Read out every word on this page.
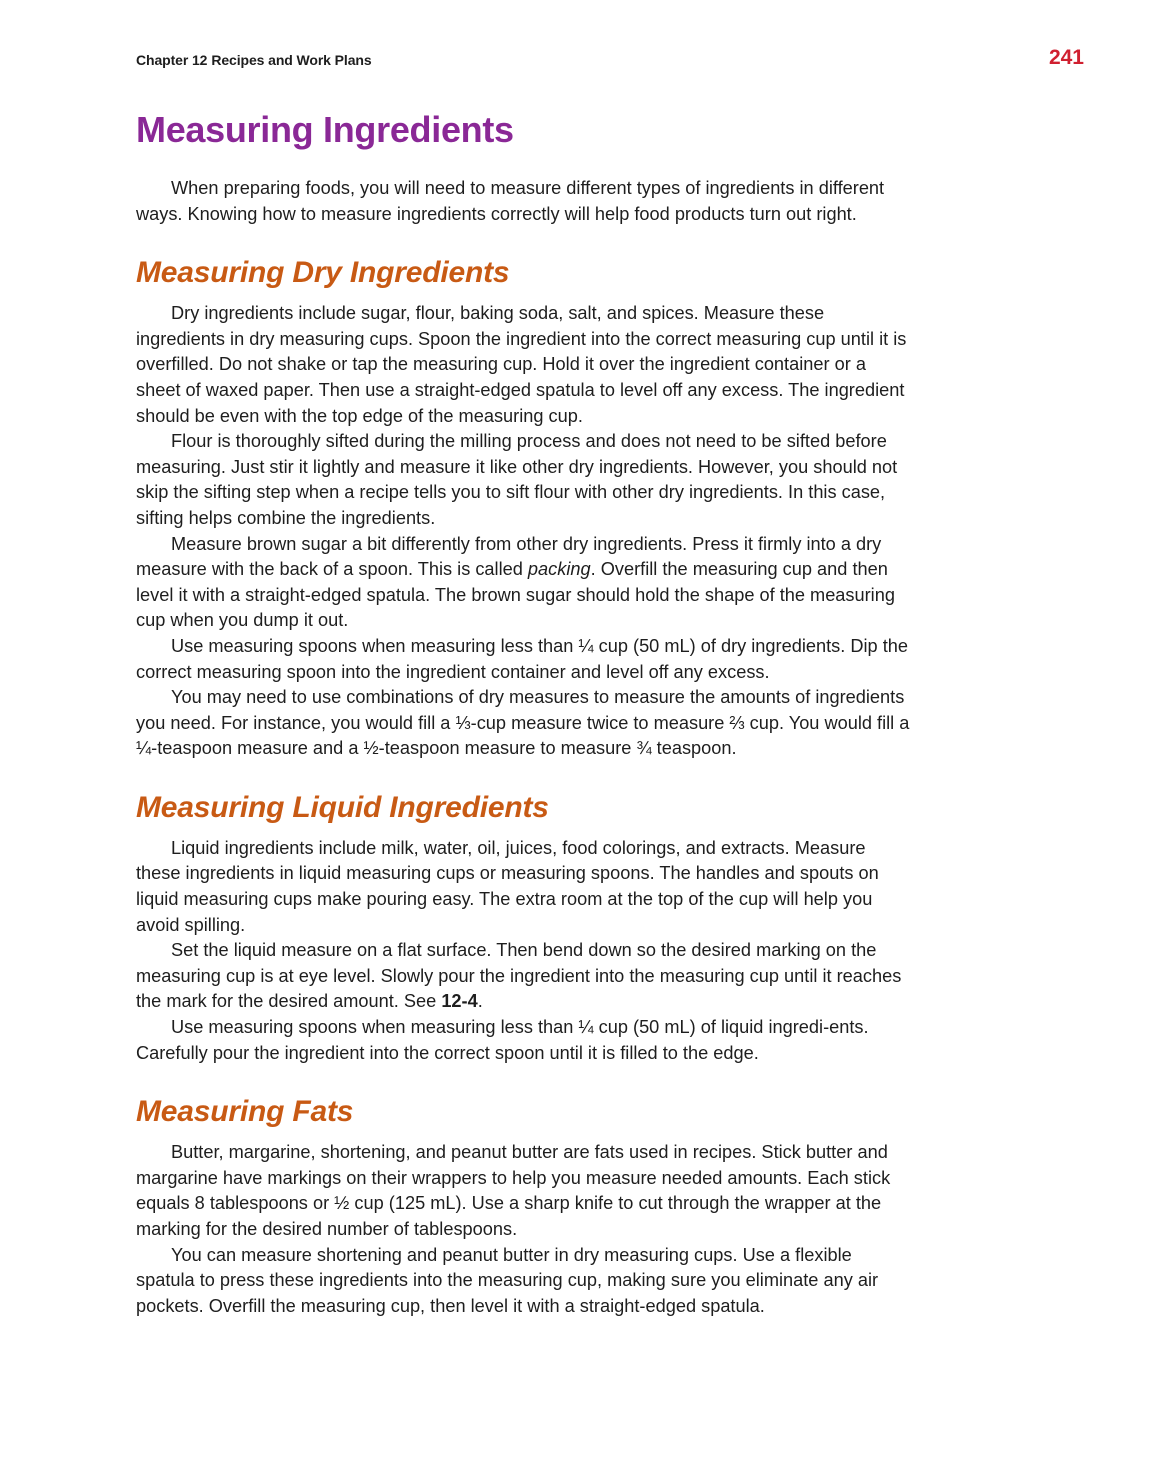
Chapter 12 Recipes and Work Plans	241
Measuring Ingredients

When preparing foods, you will need to measure different types of ingredients in different ways. Knowing how to measure ingredients correctly will help food products turn out right.

Measuring Dry Ingredients

Dry ingredients include sugar, flour, baking soda, salt, and spices. Measure these ingredients in dry measuring cups. Spoon the ingredient into the correct measuring cup until it is overfilled. Do not shake or tap the measuring cup. Hold it over the ingredient container or a sheet of waxed paper. Then use a straight-edged spatula to level off any excess. The ingredient should be even with the top edge of the measuring cup.

Flour is thoroughly sifted during the milling process and does not need to be sifted before measuring. Just stir it lightly and measure it like other dry ingredients. However, you should not skip the sifting step when a recipe tells you to sift flour with other dry ingredients. In this case, sifting helps combine the ingredients.

Measure brown sugar a bit differently from other dry ingredients. Press it firmly into a dry measure with the back of a spoon. This is called packing. Overfill the measuring cup and then level it with a straight-edged spatula. The brown sugar should hold the shape of the measuring cup when you dump it out.

Use measuring spoons when measuring less than ¼ cup (50 mL) of dry ingredients. Dip the correct measuring spoon into the ingredient container and level off any excess.

You may need to use combinations of dry measures to measure the amounts of ingredients you need. For instance, you would fill a ⅓-cup measure twice to measure ⅔ cup. You would fill a ¼-teaspoon measure and a ½-teaspoon measure to measure ¾ teaspoon.

Measuring Liquid Ingredients

Liquid ingredients include milk, water, oil, juices, food colorings, and extracts. Measure these ingredients in liquid measuring cups or measuring spoons. The handles and spouts on liquid measuring cups make pouring easy. The extra room at the top of the cup will help you avoid spilling.

Set the liquid measure on a flat surface. Then bend down so the desired marking on the measuring cup is at eye level. Slowly pour the ingredient into the measuring cup until it reaches the mark for the desired amount. See 12-4.

Use measuring spoons when measuring less than ¼ cup (50 mL) of liquid ingredi-ents. Carefully pour the ingredient into the correct spoon until it is filled to the edge.

Measuring Fats

Butter, margarine, shortening, and peanut butter are fats used in recipes. Stick butter and margarine have markings on their wrappers to help you measure needed amounts. Each stick equals 8 tablespoons or ½ cup (125 mL). Use a sharp knife to cut through the wrapper at the marking for the desired number of tablespoons.

You can measure shortening and peanut butter in dry measuring cups. Use a flexible spatula to press these ingredients into the measuring cup, making sure you eliminate any air pockets. Overfill the measuring cup, then level it with a straight-edged spatula.
